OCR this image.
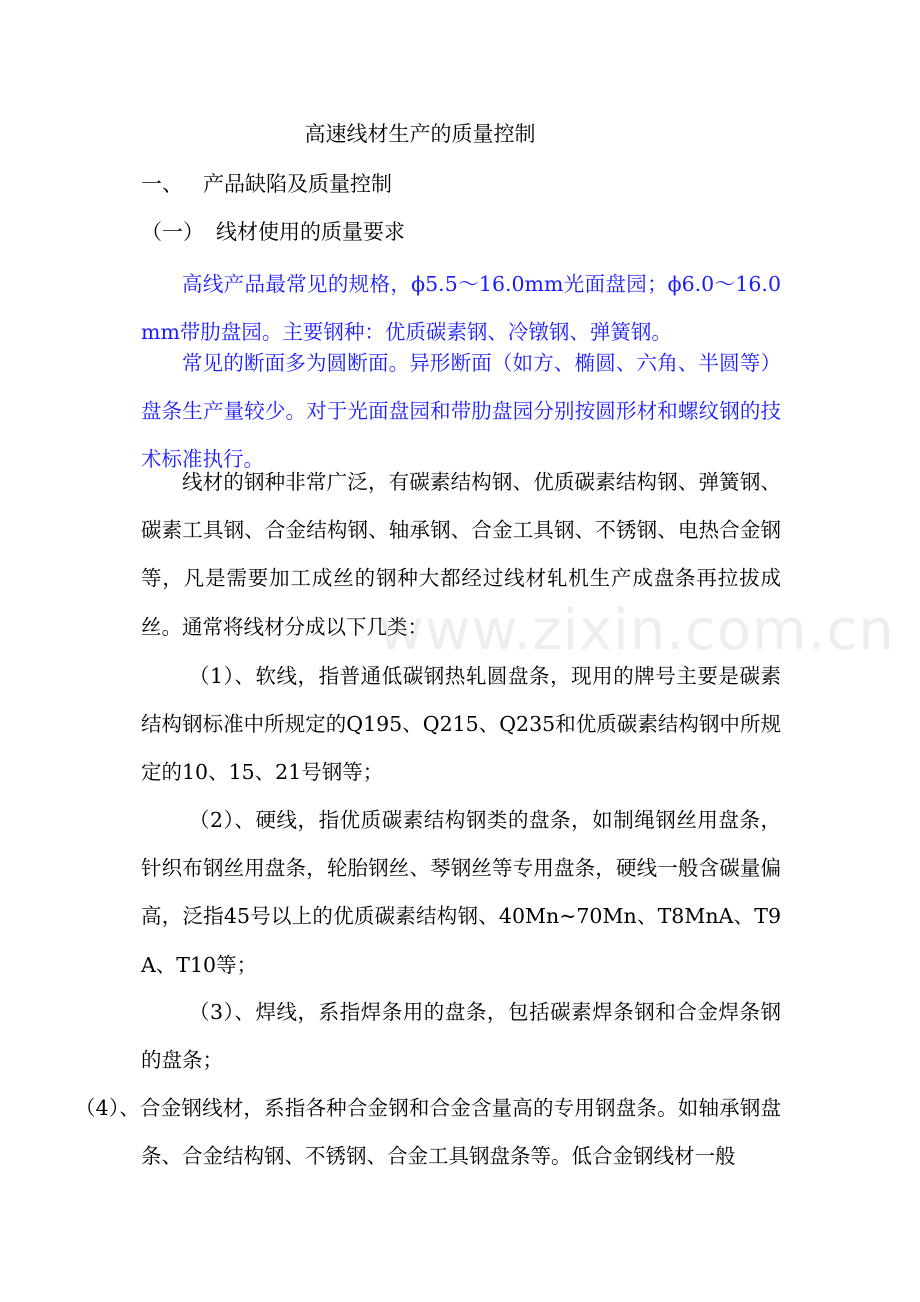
高速线材生产的质量控制
一、 产品缺陷及质量控制
（一） 线材使用的质量要求

高线产品最常见的规格，ϕ5.5～16.0mm光面盘园；ϕ6.0～16.0mm带肋盘园。主要钢种：优质碳素钢、冷镦钢、弹簧钢。

常见的断面多为圆断面。异形断面（如方、椭圆、六角、半圆等）盘条生产量较少。对于光面盘园和带肋盘园分别按圆形材和螺纹钢的技术标准执行。

线材的钢种非常广泛，有碳素结构钢、优质碳素结构钢、弹簧钢、碳素工具钢、合金结构钢、轴承钢、合金工具钢、不锈钢、电热合金钢等，凡是需要加工成丝的钢种大都经过线材轧机生产成盘条再拉拔成丝。通常将线材分成以下几类：

（1）、软线，指普通低碳钢热轧圆盘条，现用的牌号主要是碳素结构钢标准中所规定的Q195、Q215、Q235和优质碳素结构钢中所规定的10、15、21号钢等；

（2）、硬线，指优质碳素结构钢类的盘条，如制绳钢丝用盘条，针织布钢丝用盘条，轮胎钢丝、琴钢丝等专用盘条，硬线一般含碳量偏高，泛指45号以上的优质碳素结构钢、40Mn~70Mn、T8MnA、T9A、T10等；

（3）、焊线，系指焊条用的盘条，包括碳素焊条钢和合金焊条钢的盘条；

（4）、合金钢线材，系指各种合金钢和合金含量高的专用钢盘条。如轴承钢盘条、合金结构钢、不锈钢、合金工具钢盘条等。低合金钢线材一般

www.zixin.com.cn
